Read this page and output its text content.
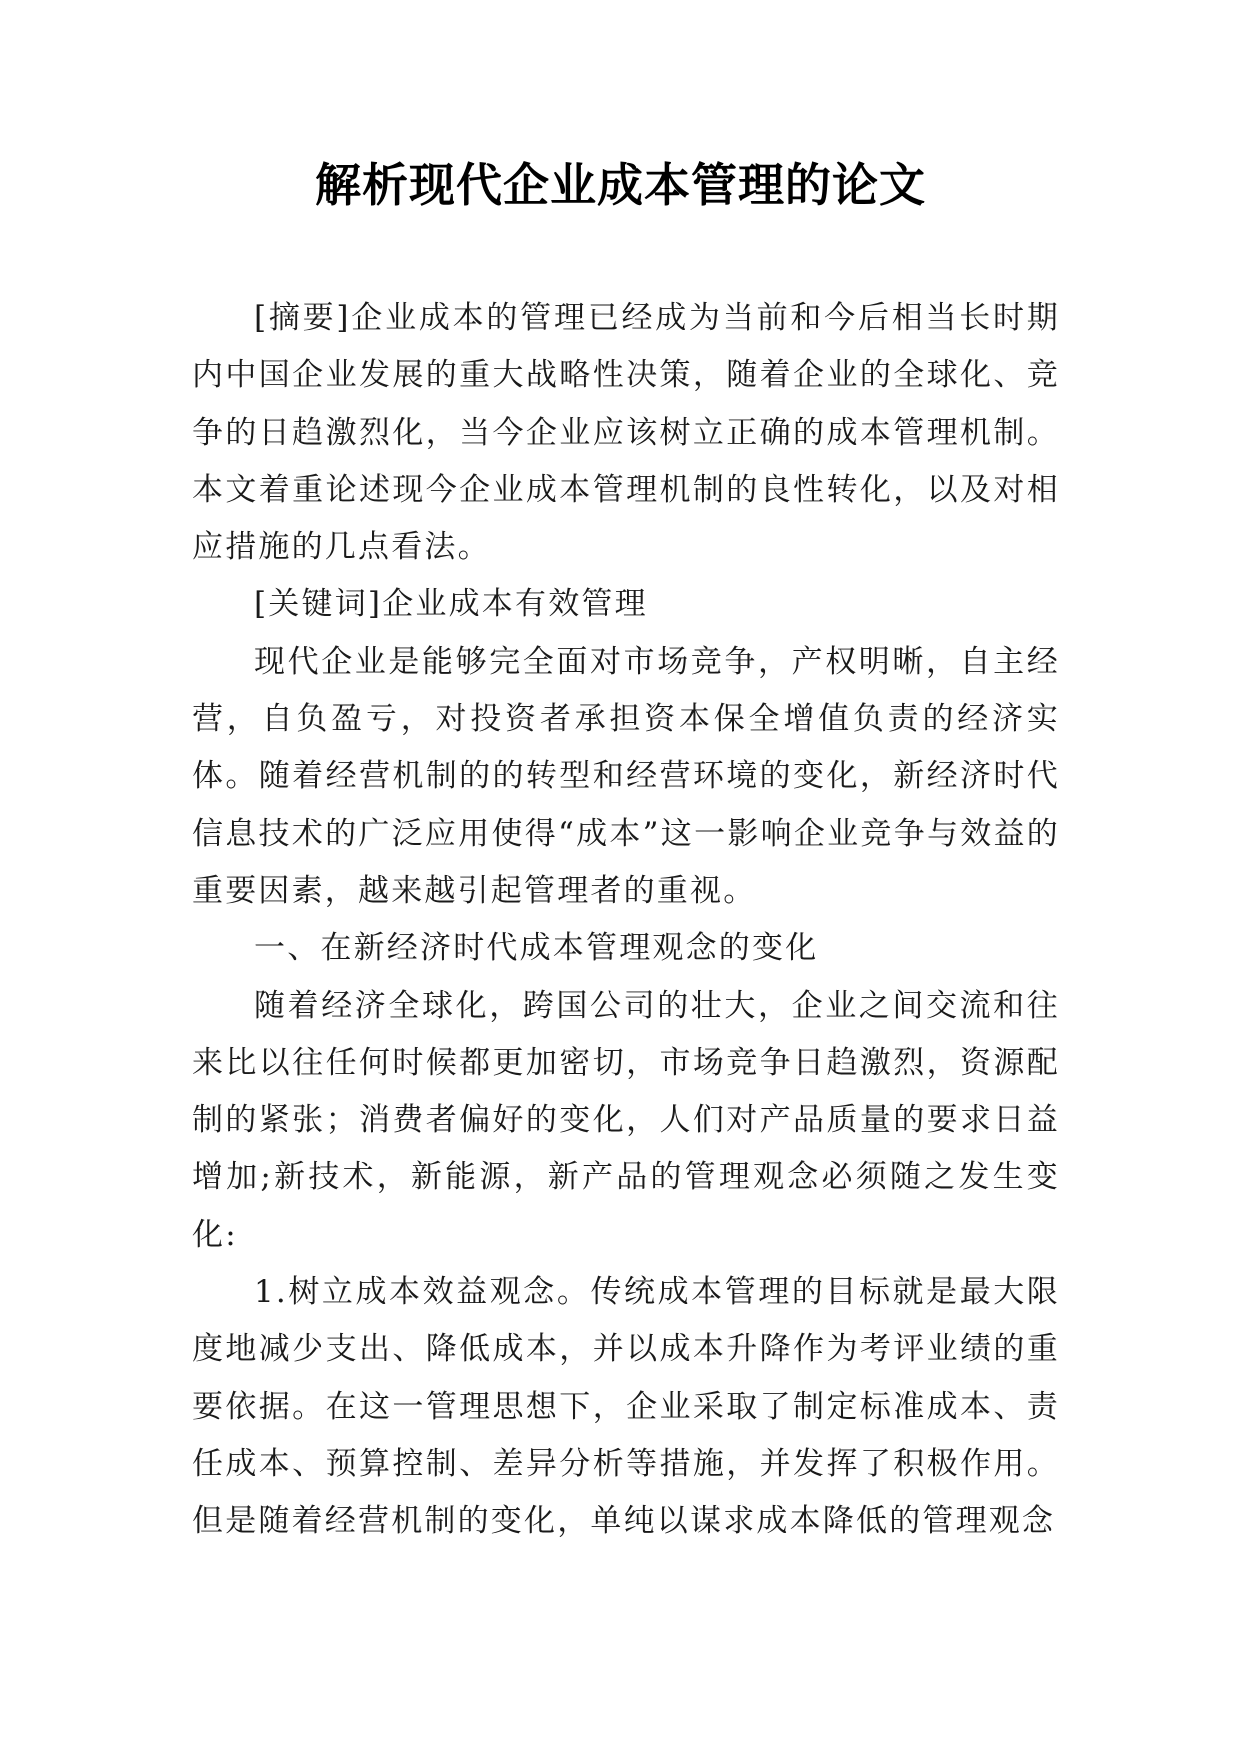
解析现代企业成本管理的论文

[摘要]企业成本的管理已经成为当前和今后相当长时期内中国企业发展的重大战略性决策，随着企业的全球化、竞争的日趋激烈化，当今企业应该树立正确的成本管理机制。本文着重论述现今企业成本管理机制的良性转化，以及对相应措施的几点看法。

[关键词]企业成本有效管理

现代企业是能够完全面对市场竞争，产权明晰，自主经营，自负盈亏，对投资者承担资本保全增值负责的经济实体。随着经营机制的的转型和经营环境的变化，新经济时代信息技术的广泛应用使得“成本”这一影响企业竞争与效益的重要因素，越来越引起管理者的重视。

一、在新经济时代成本管理观念的变化

随着经济全球化，跨国公司的壮大，企业之间交流和往来比以往任何时候都更加密切，市场竞争日趋激烈，资源配制的紧张；消费者偏好的变化，人们对产品质量的要求日益增加;新技术，新能源，新产品的管理观念必须随之发生变化:

1.树立成本效益观念。传统成本管理的目标就是最大限度地减少支出、降低成本，并以成本升降作为考评业绩的重要依据。在这一管理思想下，企业采取了制定标准成本、责任成本、预算控制、差异分析等措施，并发挥了积极作用。但是随着经营机制的变化，单纯以谋求成本降低的管理观念
